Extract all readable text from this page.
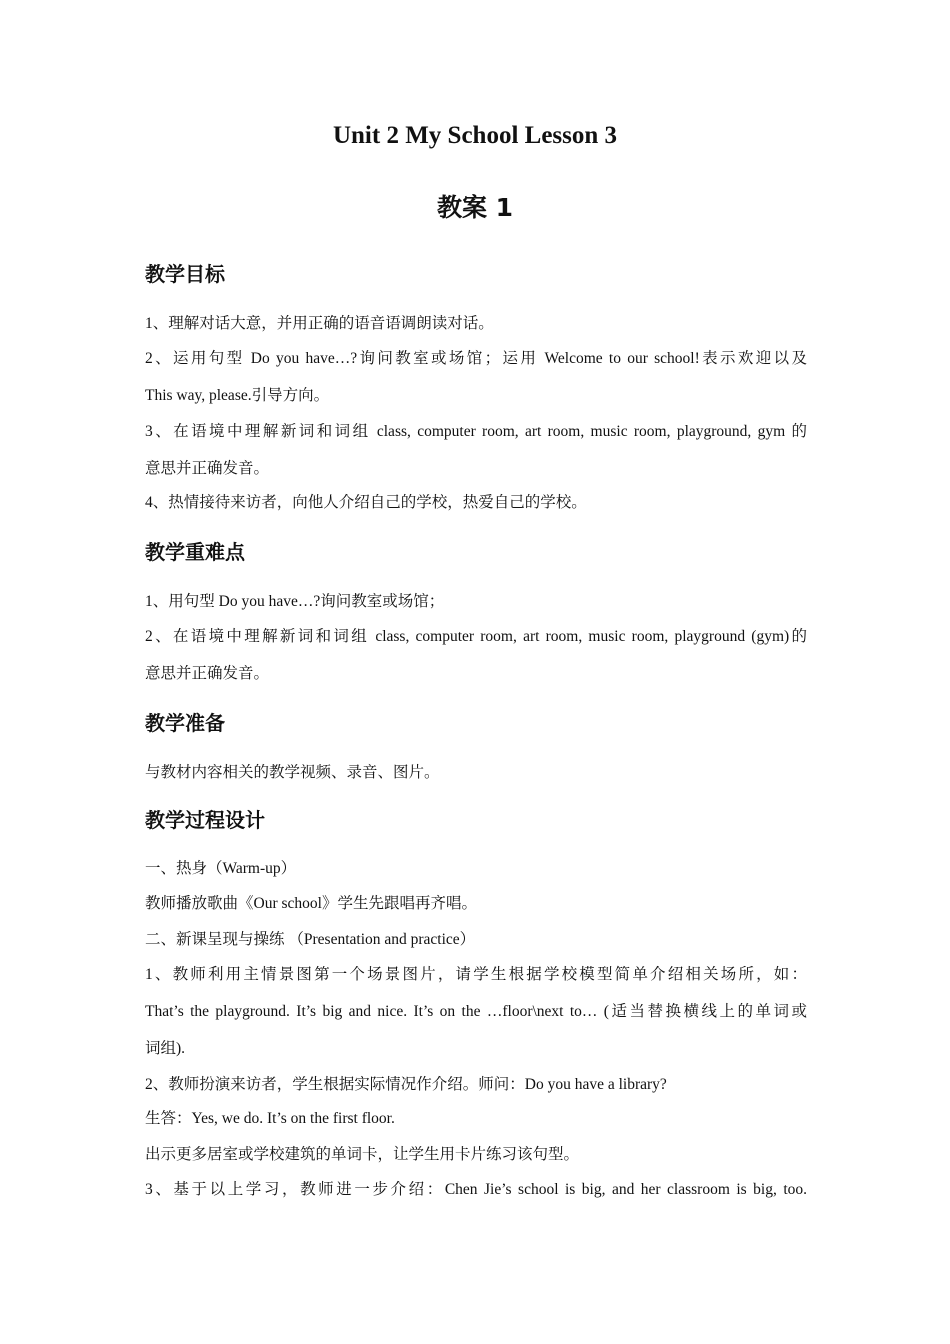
Unit 2 My School Lesson 3
教案 1
教学目标
1、理解对话大意，并用正确的语音语调朗读对话。
2、运用句型 Do you have…?询问教室或场馆；运用 Welcome to our school!表示欢迎以及
This way, please.引导方向。
3、在语境中理解新词和词组 class, computer room, art room, music room, playground, gym 的
意思并正确发音。
4、热情接待来访者，向他人介绍自己的学校，热爱自己的学校。
教学重难点
1、用句型 Do you have…?询问教室或场馆；
2、在语境中理解新词和词组 class, computer room, art room, music room, playground (gym)的
意思并正确发音。
教学准备
与教材内容相关的教学视频、录音、图片。
教学过程设计
一、热身（Warm-up）
教师播放歌曲《Our school》学生先跟唱再齐唱。
二、新课呈现与操练 （Presentation and practice）
1、教师利用主情景图第一个场景图片，请学生根据学校模型简单介绍相关场所，如：
That’s the playground. It’s big and nice. It’s on the …floor\next to… (适当替换横线上的单词或
词组).
2、教师扮演来访者，学生根据实际情况作介绍。师问：Do you have a library?
生答：Yes, we do. It’s on the first floor.
出示更多居室或学校建筑的单词卡，让学生用卡片练习该句型。
3、基于以上学习，教师进一步介绍：Chen Jie’s school is big, and her classroom is big, too.
